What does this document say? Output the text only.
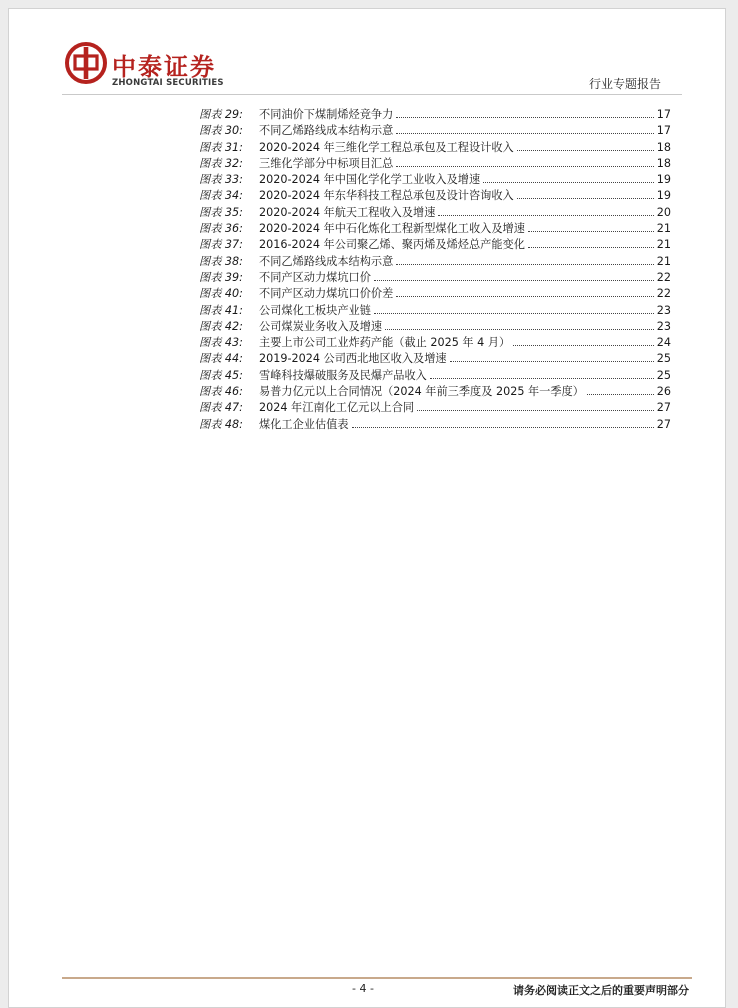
中泰证券
ZHONGTAI SECURITIES	行业专题报告
图表 29:	不同油价下煤制烯烃竞争力	17
图表 30:	不同乙烯路线成本结构示意	17
图表 31:	2020-2024 年三维化学工程总承包及工程设计收入	18
图表 32:	三维化学部分中标项目汇总	18
图表 33:	2020-2024 年中国化学化学工业收入及增速	19
图表 34:	2020-2024 年东华科技工程总承包及设计咨询收入	19
图表 35:	2020-2024 年航天工程收入及增速	20
图表 36:	2020-2024 年中石化炼化工程新型煤化工收入及增速	21
图表 37:	2016-2024 年公司聚乙烯、聚丙烯及烯烃总产能变化	21
图表 38:	不同乙烯路线成本结构示意	21
图表 39:	不同产区动力煤坑口价	22
图表 40:	不同产区动力煤坑口价价差	22
图表 41:	公司煤化工板块产业链	23
图表 42:	公司煤炭业务收入及增速	23
图表 43:	主要上市公司工业炸药产能（截止 2025 年 4 月）	24
图表 44:	2019-2024 公司西北地区收入及增速	25
图表 45:	雪峰科技爆破服务及民爆产品收入	25
图表 46:	易普力亿元以上合同情况（2024 年前三季度及 2025 年一季度）	26
图表 47:	2024 年江南化工亿元以上合同	27
图表 48:	煤化工企业估值表	27
- 4 -	请务必阅读正文之后的重要声明部分
